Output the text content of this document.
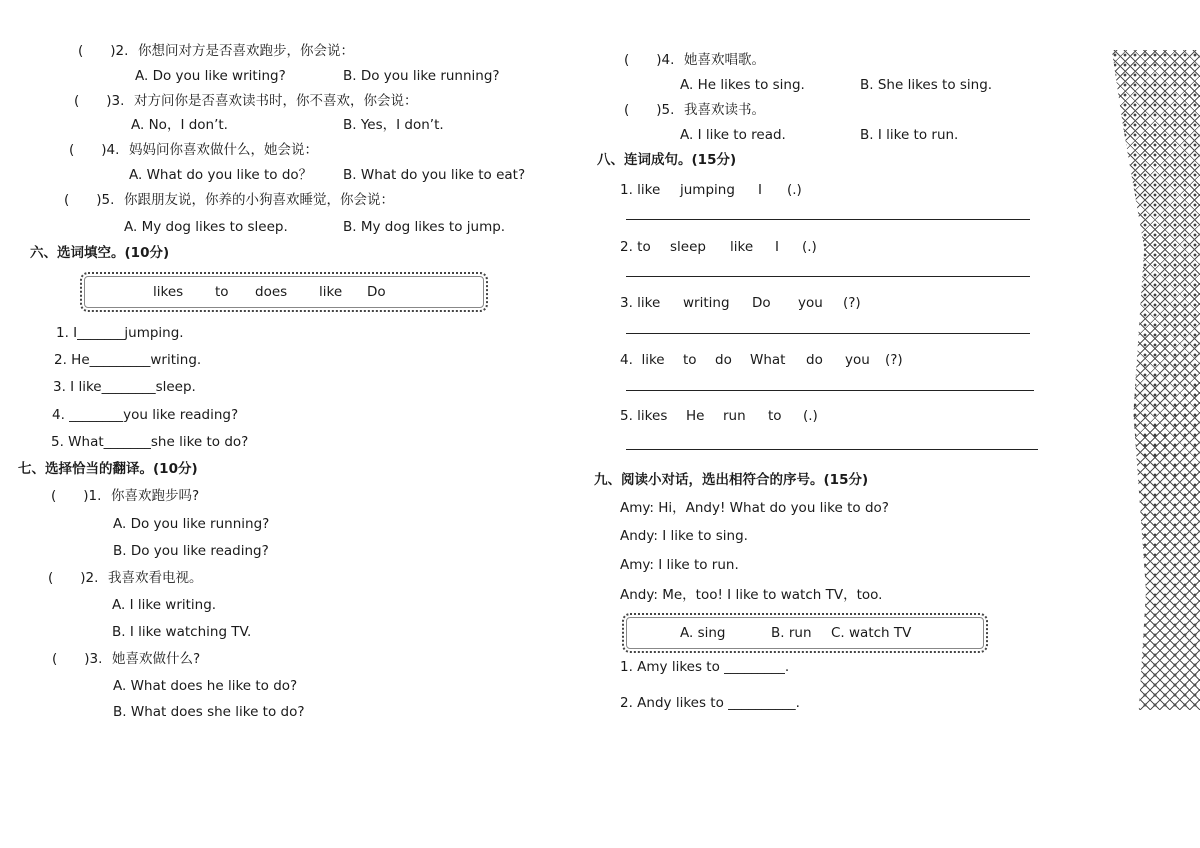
(　　)2. 你想问对方是否喜欢跑步，你会说：
A. Do you like writing?	B. Do you like running?
(　　)3. 对方问你是否喜欢读书时，你不喜欢，你会说：
A. No，I don’t.	B. Yes，I don’t.
(　　)4. 妈妈问你喜欢做什么，她会说：
A. What do you like to do？ B. What do you like to eat?
(　　)5. 你跟朋友说，你养的小狗喜欢睡觉，你会说：
A. My dog likes to sleep.	B. My dog likes to jump.
六、选词填空。(10分)
likes to does like Do
1. I_______jumping.
2. He_________writing.
3. I like________sleep.
4. ________you like reading?
5. What_______she like to do?
七、选择恰当的翻译。(10分)
(　　)1. 你喜欢跑步吗?
A. Do you like running?
B. Do you like reading?
(　　)2. 我喜欢看电视。
A. I like writing.
B. I like watching TV.
(　　)3. 她喜欢做什么?
A. What does he like to do?
B. What does she like to do?
(　　)4. 她喜欢唱歌。
A. He likes to sing.	B. She likes to sing.
(　　)5. 我喜欢读书。
A. I like to read.	B. I like to run.
八、连词成句。(15分)
1. like jumping I (.)
2. to sleep like I (.)
3. like writing Do you (?)
4.  like to do What do you (?)
5. likes He run to (.)
九、阅读小对话，选出相符合的序号。(15分)
Amy: Hi，Andy! What do you like to do?
Andy: I like to sing.
Amy: I like to run.
Andy: Me，too! I like to watch TV，too.
A. sing	B. run C. watch TV
1. Amy likes to _________.
2. Andy likes to __________.
